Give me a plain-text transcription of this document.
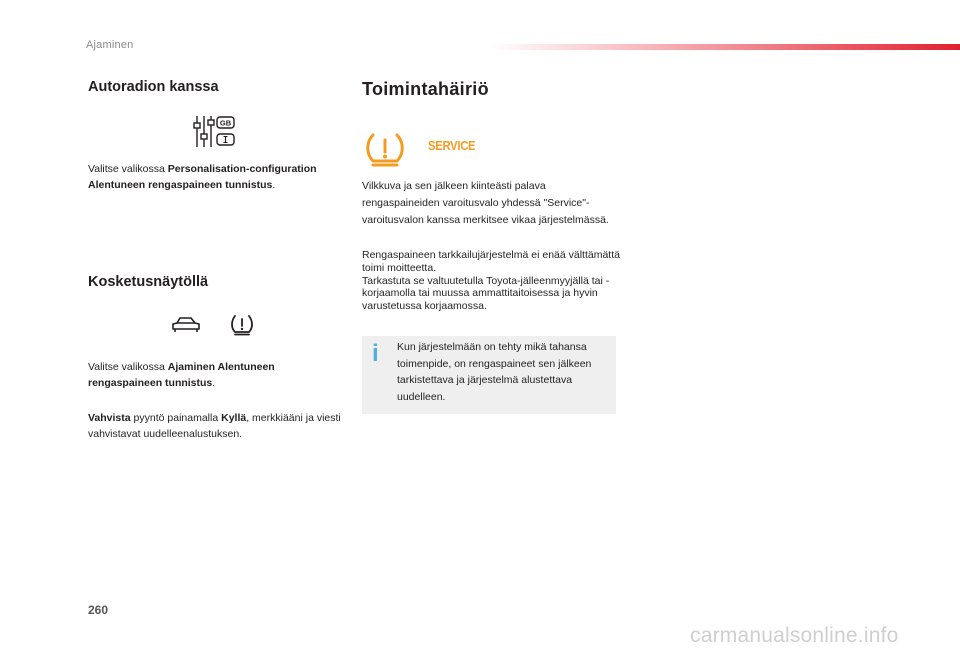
Ajaminen
Autoradion kanssa
GB
Valitse valikossa Personalisation-configuration Alentuneen rengaspaineen tunnistus.
Kosketusnäytöllä
Valitse valikossa Ajaminen Alentuneen rengaspaineen tunnistus.
Vahvista pyyntö painamalla Kyllä, merkkiääni ja viesti vahvistavat uudelleenalustuksen.
Toimintahäiriö
SERVICE
Vilkkuva ja sen jälkeen kiinteästi palava rengaspaineiden varoitusvalo yhdessä "Service"-varoitusvalon kanssa merkitsee vikaa järjestelmässä.
Rengaspaineen tarkkailujärjestelmä ei enää välttämättä toimi moitteetta.
Tarkastuta se valtuutetulla Toyota-jälleenmyyjällä tai -korjaamolla tai muussa ammattitaitoisessa ja hyvin varustetussa korjaamossa.
i	Kun järjestelmään on tehty mikä tahansa toimenpide, on rengaspaineet sen jälkeen tarkistettava ja järjestelmä alustettava uudelleen.
260
carmanualsonline.info
